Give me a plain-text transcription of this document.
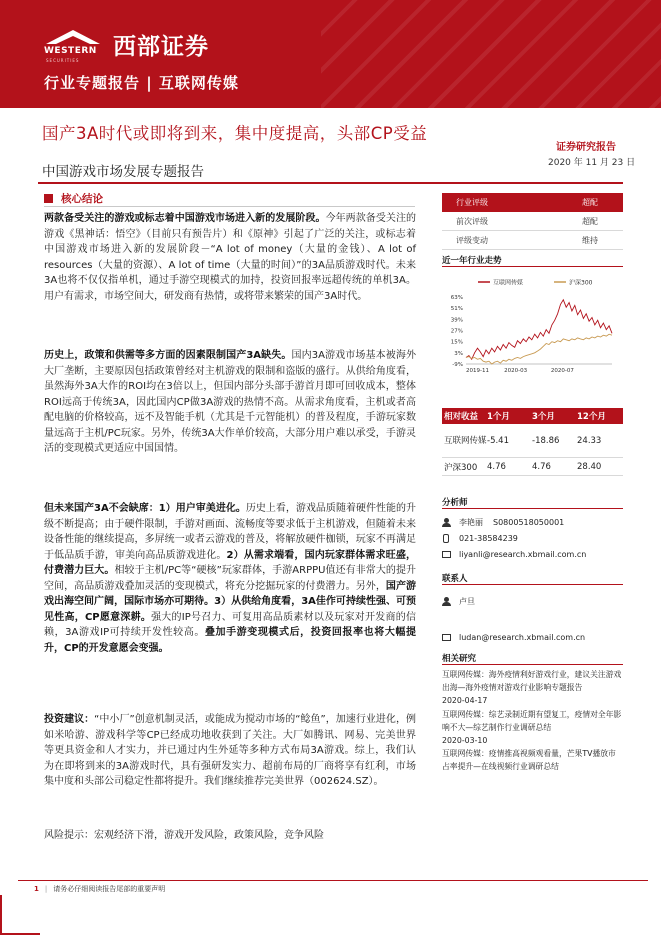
WESTERN
SECURITIES
西部证券
行业专题报告 | 互联网传媒
国产3A时代或即将到来，集中度提高，头部CP受益
证券研究报告
2020 年 11 月 23 日
中国游戏市场发展专题报告
核心结论
两款备受关注的游戏或标志着中国游戏市场进入新的发展阶段。今年两款备受关注的游戏《黑神话：悟空》（目前只有预告片）和《原神》引起了广泛的关注，或标志着中国游戏市场进入新的发展阶段－“A lot of money（大量的金钱）、A lot of resources（大量的资源）、A lot of time（大量的时间）”的3A品质游戏时代。未来3A也将不仅仅指单机，通过手游空现模式的加持，投资回报率远超传统的单机3A。用户有需求，市场空间大，研发商有热情，或将带来繁荣的国产3A时代。
历史上，政策和供需等多方面的因素限制国产3A缺失。国内3A游戏市场基本被海外大厂垄断，主要原因包括政策曾经对主机游戏的限制和盗版的盛行。从供给角度看，虽然海外3A大作的ROI均在3倍以上，但国内部分头部手游首月即可回收成本，整体ROI远高于传统3A，因此国内CP做3A游戏的热情不高。从需求角度看，主机或者高配电脑的价格较高，远不及智能手机（尤其是千元智能机）的普及程度，手游玩家数量远高于主机/PC玩家。另外，传统3A大作单价较高，大部分用户难以承受，手游灵活的变现模式更适应中国国情。
但未来国产3A不会缺席：1）用户审美进化。历史上看，游戏品质随着硬件性能的升级不断提高；由于硬件限制，手游对画面、流畅度等要求低于主机游戏，但随着未来设备性能的继续提高，多屏统一或者云游戏的普及，将解放硬件枷锁，玩家不再满足于低品质手游，审美向高品质游戏进化。2）从需求端看，国内玩家群体需求旺盛，付费潜力巨大。相较于主机/PC等“硬核”玩家群体，手游ARPPU值还有非常大的提升空间，高品质游戏叠加灵活的变现模式，将充分挖掘玩家的付费潜力。另外，国产游戏出海空间广阔，国际市场亦可期待。3）从供给角度看，3A佳作可持续性强、可预见性高，CP愿意深耕。强大的IP号召力、可复用高品质素材以及玩家对开发商的信赖，3A游戏IP可持续开发性较高。叠加手游变现模式后，投资回报率也将大幅提升，CP的开发意愿会变强。
投资建议：“中小厂”创意机制灵活，或能成为搅动市场的“鲶鱼”，加速行业进化，例如米哈游、游戏科学等CP已经成功地收获到了关注。大厂如腾讯、网易、完美世界等更具资金和人才实力，并已通过内生外延等多种方式布局3A游戏。综上，我们认为在即将到来的3A游戏时代，具有强研发实力、超前布局的厂商将享有红利，市场集中度和头部公司稳定性都将提升。我们继续推荐完美世界（002624.SZ）。
风险提示：宏观经济下滑，游戏开发风险，政策风险，竞争风险
行业评级	超配
前次评级	超配
评级变动	维持
近一年行业走势
互联网传媒	沪深300
63%
51%
39%
27%
15%
3%
-9%
2019-11	2020-03	2020-07
相对收益	1个月	3个月	12个月
互联网传媒 -5.41	-18.86	24.33
沪深300	4.76	4.76	28.40
分析师
李艳丽 S0800518050001
021-38584239
liyanli@research.xbmail.com.cn
联系人
卢旦
ludan@research.xbmail.com.cn
相关研究
互联网传媒：海外疫情利好游戏行业，建议关注游戏出海—海外疫情对游戏行业影响专题报告
2020-04-17
互联网传媒：综艺录制近期有望复工，疫情对全年影响不大—综艺制作行业调研总结
2020-03-10
互联网传媒：疫情推高视频观看量，芒果TV播放市占率提升—在线视频行业调研总结
1 | 请务必仔细阅读报告尾部的重要声明
